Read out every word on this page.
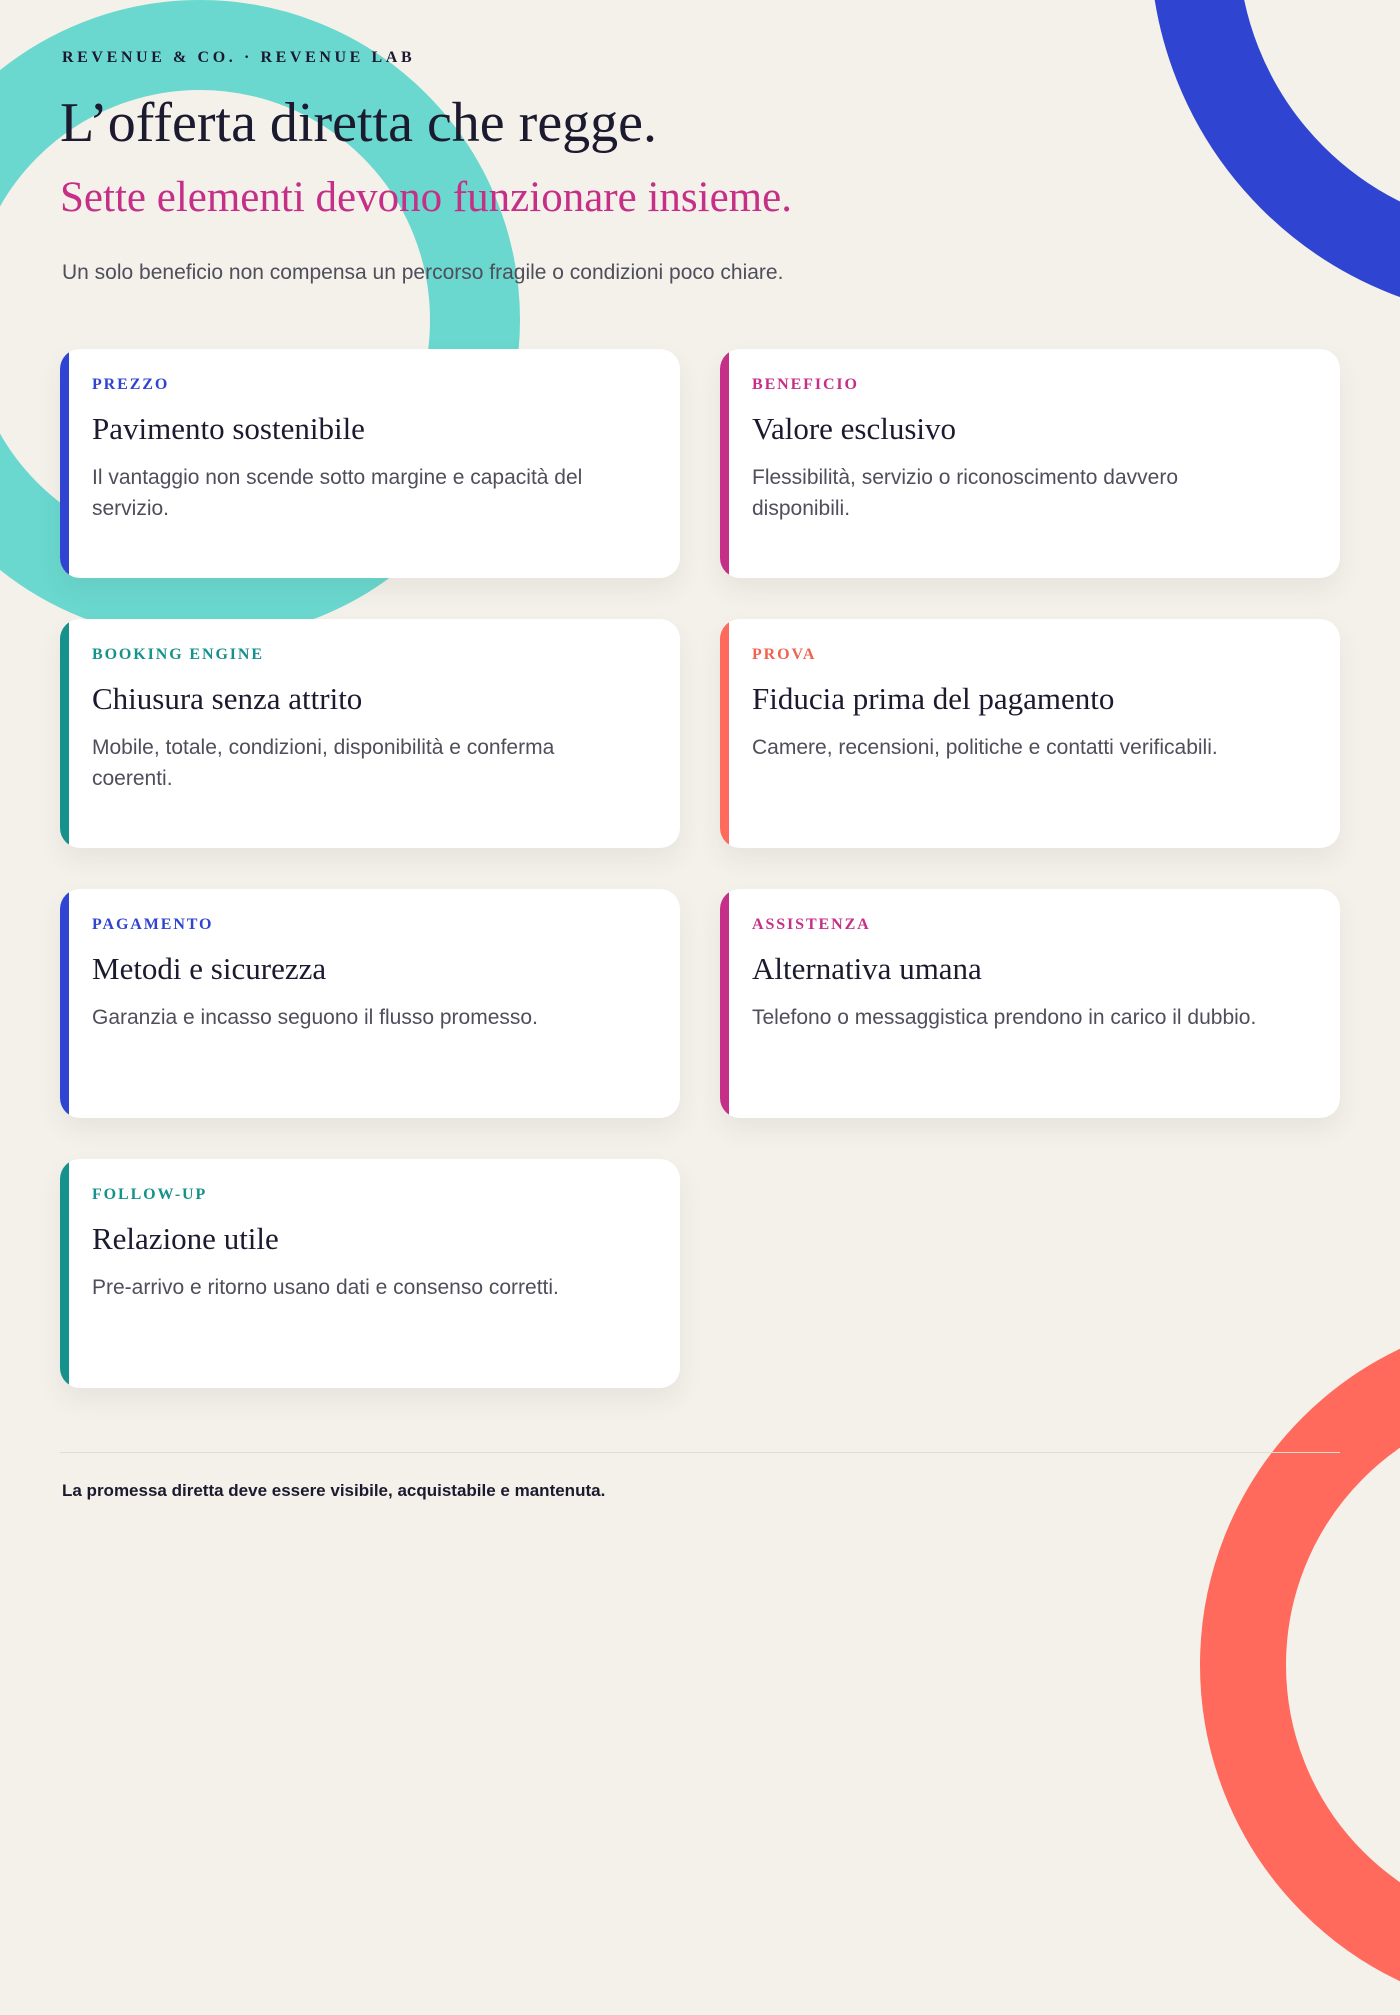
REVENUE & CO. · REVENUE LAB
L’offerta diretta che regge.
Sette elementi devono funzionare insieme.

Un solo beneficio non compensa un percorso fragile o condizioni poco chiare.

PREZZO
Pavimento sostenibile

Il vantaggio non scende sotto margine e capacità del servizio.

BENEFICIO
Valore esclusivo

Flessibilità, servizio o riconoscimento davvero disponibili.

BOOKING ENGINE
Chiusura senza attrito

Mobile, totale, condizioni, disponibilità e conferma coerenti.

PROVA
Fiducia prima del pagamento

Camere, recensioni, politiche e contatti verificabili.

PAGAMENTO
Metodi e sicurezza

Garanzia e incasso seguono il flusso promesso.

ASSISTENZA
Alternativa umana

Telefono o messaggistica prendono in carico il dubbio.

FOLLOW-UP
Relazione utile

Pre-arrivo e ritorno usano dati e consenso corretti.

La promessa diretta deve essere visibile, acquistabile e mantenuta.
